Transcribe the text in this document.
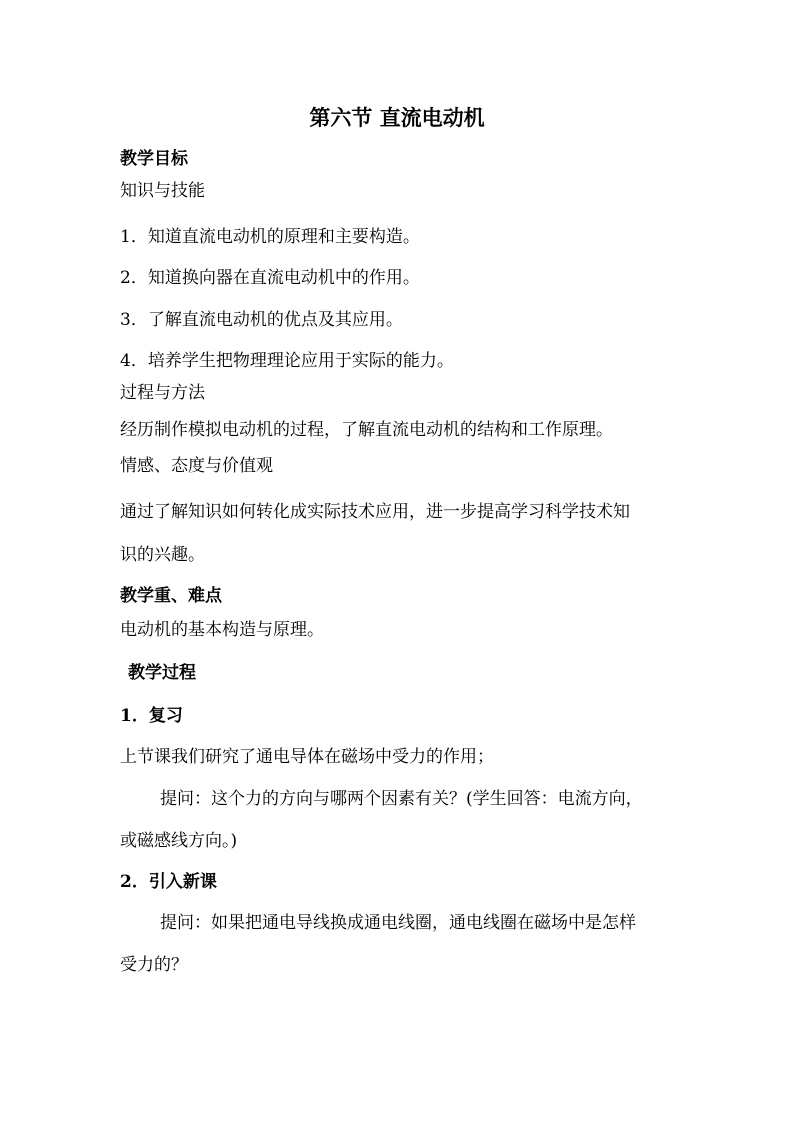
第六节 直流电动机
教学目标
知识与技能
1．知道直流电动机的原理和主要构造。
2．知道换向器在直流电动机中的作用。
3．了解直流电动机的优点及其应用。
4．培养学生把物理理论应用于实际的能力。
过程与方法
经历制作模拟电动机的过程，了解直流电动机的结构和工作原理。
情感、态度与价值观
通过了解知识如何转化成实际技术应用，进一步提高学习科学技术知
识的兴趣。
教学重、难点
电动机的基本构造与原理。
教学过程
1．复习
上节课我们研究了通电导体在磁场中受力的作用；
提问：这个力的方向与哪两个因素有关？(学生回答：电流方向，
或磁感线方向。)
2．引入新课
提问：如果把通电导线换成通电线圈，通电线圈在磁场中是怎样
受力的？
